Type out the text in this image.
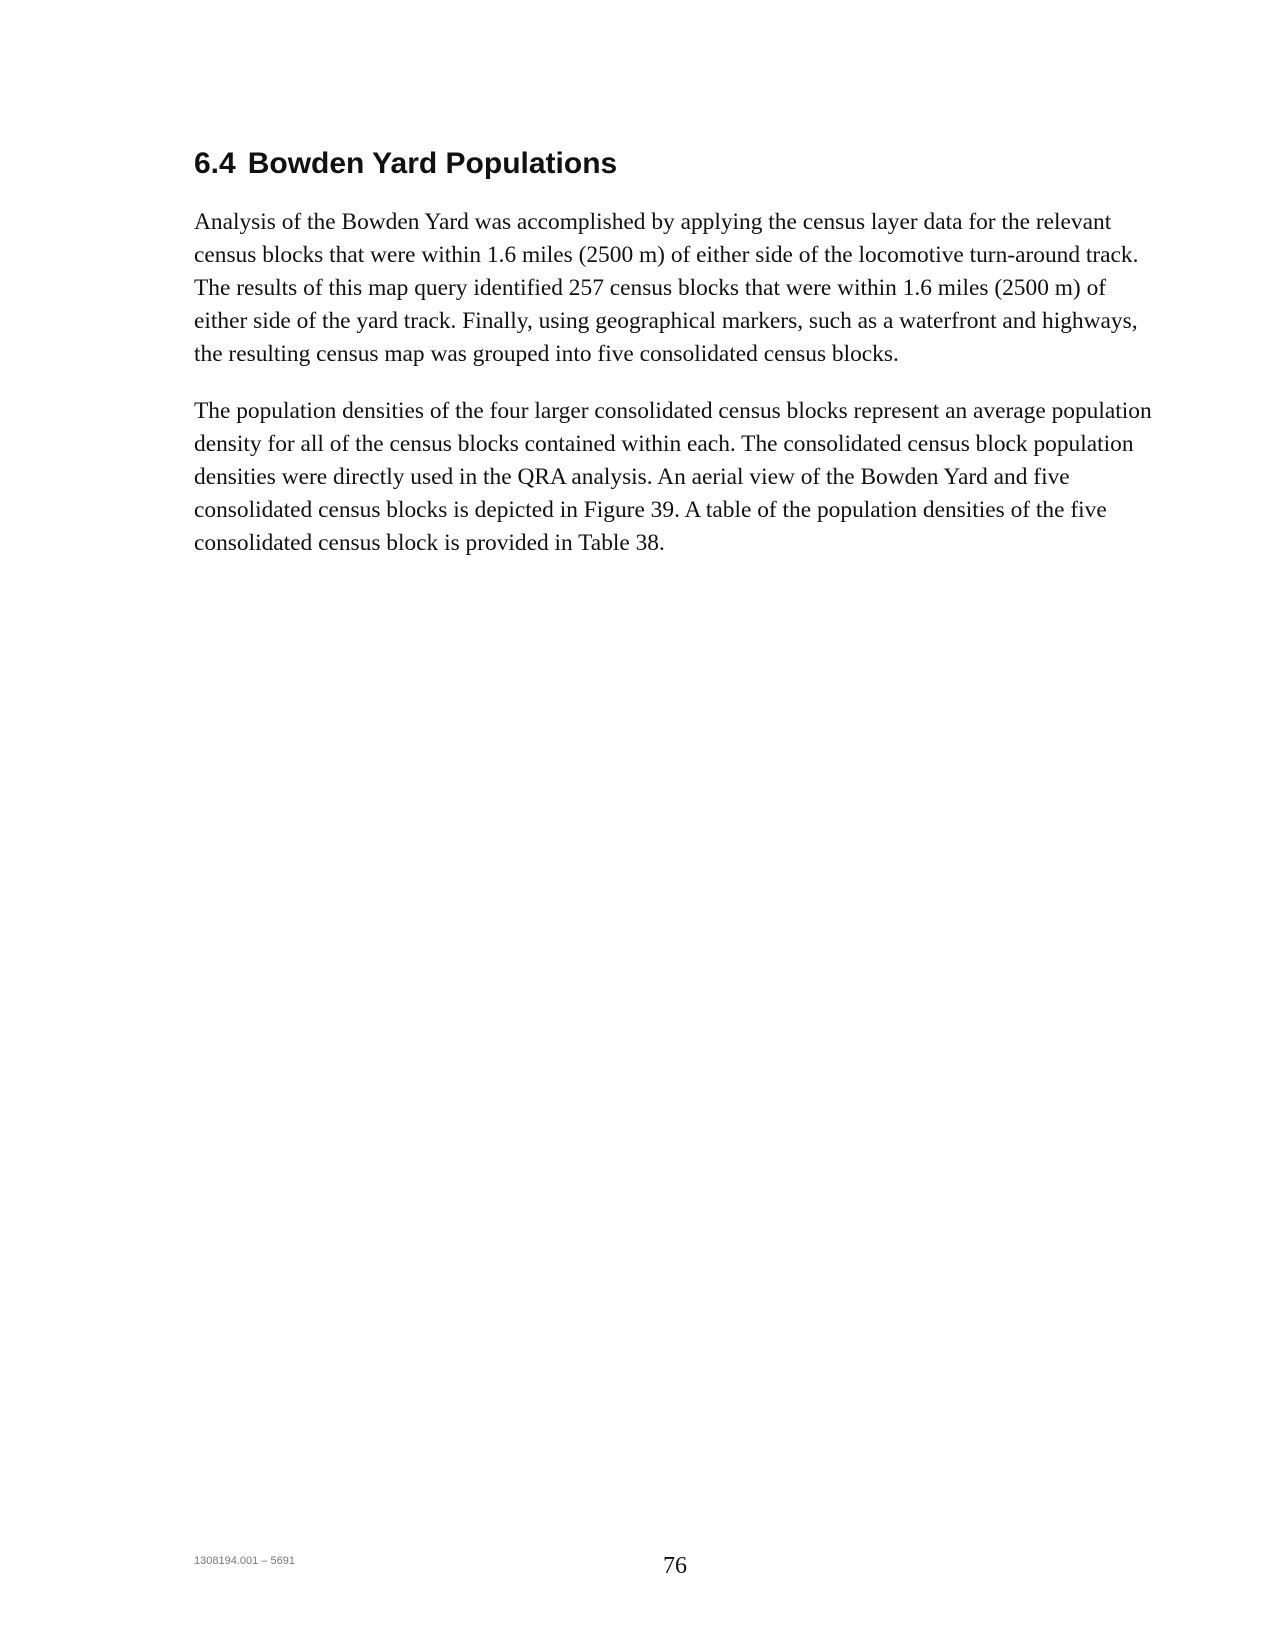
6.4 Bowden Yard Populations

Analysis of the Bowden Yard was accomplished by applying the census layer data for the relevant census blocks that were within 1.6 miles (2500 m) of either side of the locomotive turn-around track. The results of this map query identified 257 census blocks that were within 1.6 miles (2500 m) of either side of the yard track. Finally, using geographical markers, such as a waterfront and highways, the resulting census map was grouped into five consolidated census blocks.

The population densities of the four larger consolidated census blocks represent an average population density for all of the census blocks contained within each. The consolidated census block population densities were directly used in the QRA analysis. An aerial view of the Bowden Yard and five consolidated census blocks is depicted in Figure 39. A table of the population densities of the five consolidated census block is provided in Table 38.

1308194.001 – 5691	76
